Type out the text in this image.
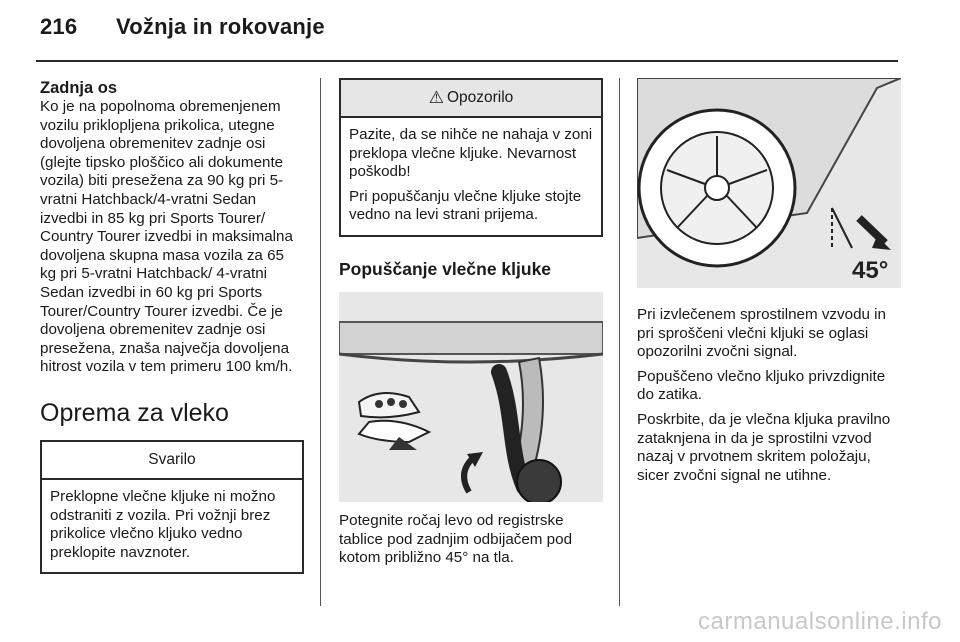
216 Vožnja in rokovanje
Zadnja os

Ko je na popolnoma obremenjenem vozilu priklopljena prikolica, utegne dovoljena obremenitev zadnje osi (glejte tipsko ploščico ali dokumente vozila) biti presežena za 90 kg pri 5-vratni Hatchback/4-vratni Sedan izvedbi in 85 kg pri Sports Tourer/ Country Tourer izvedbi in maksimalna dovoljena skupna masa vozila za 65 kg pri 5-vratni Hatchback/ 4-vratni Sedan izvedbi in 60 kg pri Sports Tourer/Country Tourer izvedbi. Če je dovoljena obremenitev zadnje osi presežena, znaša največja dovoljena hitrost vozila v tem primeru 100 km/h.

Oprema za vleko
Svarilo

Preklopne vlečne kljuke ni možno odstraniti z vozila. Pri vožnji brez prikolice vlečno kljuko vedno preklopite navznoter.

⚠ Opozorilo

Pazite, da se nihče ne nahaja v zoni preklopa vlečne kljuke. Nevarnost poškodb!

Pri popuščanju vlečne kljuke stojte vedno na levi strani prijema.

Popuščanje vlečne kljuke

Potegnite ročaj levo od registrske tablice pod zadnjim odbijačem pod kotom približno 45° na tla.

45°

Pri izvlečenem sprostilnem vzvodu in pri sproščeni vlečni kljuki se oglasi opozorilni zvočni signal.

Popuščeno vlečno kljuko privzdignite do zatika.

Poskrbite, da je vlečna kljuka pravilno zataknjena in da je sprostilni vzvod nazaj v prvotnem skritem položaju, sicer zvočni signal ne utihne.

carmanualsonline.info
